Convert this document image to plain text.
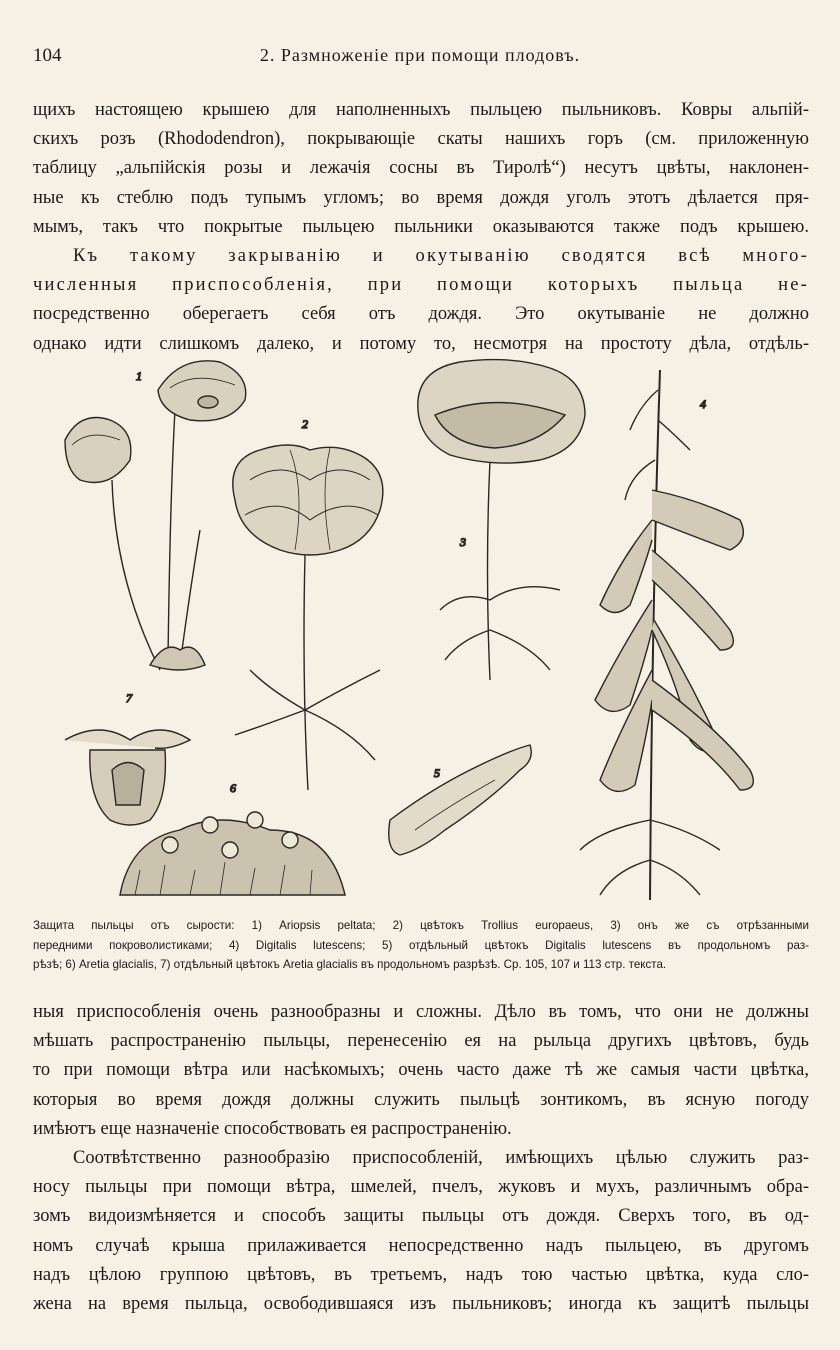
104	2. Размноженіе при помощи плодовъ.
щихъ настоящею крышею для наполненныхъ пыльцею пыльниковъ. Ковры альпій-
скихъ розъ (Rhododendron), покрывающіе скаты нашихъ горъ (см. приложенную
таблицу „альпійскія розы и лежачія сосны въ Тиролѣ“) несутъ цвѣты, наклонен-
ные къ стеблю подъ тупымъ угломъ; во время дождя уголъ этотъ дѣлается пря-
мымъ, такъ что покрытые пыльцею пыльники оказываются также подъ крышею.
Къ такому закрыванію и окутыванію сводятся всѣ много-
численныя приспособленія, при помощи которыхъ пыльца не-
посредственно оберегаетъ себя отъ дождя. Это окутываніе не должно
однако идти слишкомъ далеко, и потому то, несмотря на простоту дѣла, отдѣль-
1
2
3
4
5
6
7
Защита пыльцы отъ сырости: 1) Ariopsis peltata; 2) цвѣтокъ Trollius europaeus, 3) онъ же съ отрѣзанными
передними покроволистиками; 4) Digitalis lutescens; 5) отдѣльный цвѣтокъ Digitalis lutescens въ продольномъ раз-
рѣзѣ; 6) Aretia glacialis, 7) отдѣльный цвѣтокъ Aretia glacialis въ продольномъ разрѣзѣ. Ср. 105, 107 и 113 стр. текста.
ныя приспособленія очень разнообразны и сложны. Дѣло въ томъ, что они не должны
мѣшать распространенію пыльцы, перенесенію ея на рыльца другихъ цвѣтовъ, будь
то при помощи вѣтра или насѣкомыхъ; очень часто даже тѣ же самыя части цвѣтка,
которыя во время дождя должны служить пыльцѣ зонтикомъ, въ ясную погоду
имѣютъ еще назначеніе способствовать ея распространенію.
Соотвѣтственно разнообразію приспособленій, имѣющихъ цѣлью служить раз-
носу пыльцы при помощи вѣтра, шмелей, пчелъ, жуковъ и мухъ, различнымъ обра-
зомъ видоизмѣняется и способъ защиты пыльцы отъ дождя. Сверхъ того, въ од-
номъ случаѣ крыша прилаживается непосредственно надъ пыльцею, въ другомъ
надъ цѣлою группою цвѣтовъ, въ третьемъ, надъ тою частью цвѣтка, куда сло-
жена на время пыльца, освободившаяся изъ пыльниковъ; иногда къ защитѣ пыльцы
